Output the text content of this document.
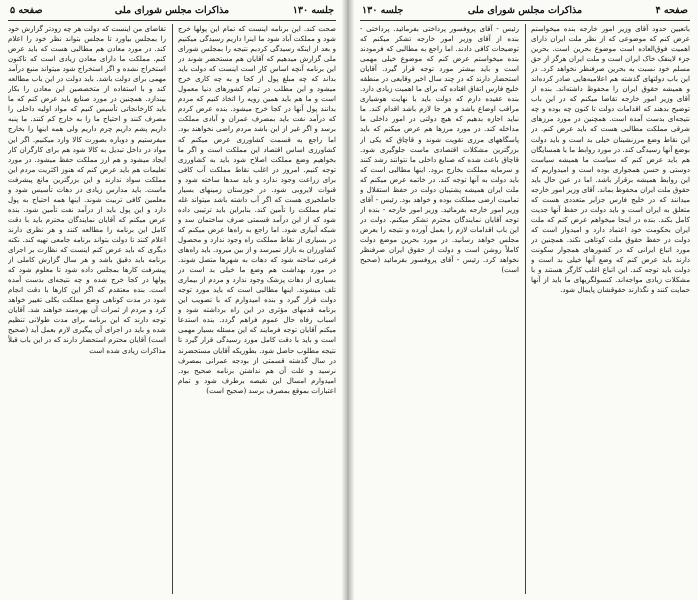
جلسه ۱۳۰
مذاکرات مجلس شورای ملی
صفحه ۵

صحت کند. این برنامه اینست که تمام این پولها خرج شود و مملکت آباد شود ما اینرا داریم رسیدگی میکنیم و بعد از اینکه رسیدگی کردیم نتیجه را بمجلس شورای ملی گزارش میدهیم که آقایان هم مستحضر شوند در این برنامه آنچه اساس کار است اینست که دولت باید بداند که چه مبلغ پول از کجا و به چه کاری خرج میشود و این مطلب در تمام کشورهای دنیا معمول است و ما هم باید همین رویه را اتخاذ کنیم که مردم بدانند پول آنها در کجا خرج میشود. بنده عرض کردم که درآمد نفت باید بمصرف عمران و آبادی مملکت برسد و اگر غیر از این باشد مردم راضی نخواهند بود. اما راجع به قسمت کشاورزی عرض میکنم که کشاورزی اساس اقتصاد این مملکت است و اگر ما بخواهیم وضع مملکت اصلاح شود باید به کشاورزی توجه کنیم. امروز در اغلب نقاط مملکت آب کافی برای زراعت وجود ندارد و باید سدها ساخته شود و قنوات لایروبی شود. در خوزستان زمینهای بسیار حاصلخیزی هست که اگر آب داشته باشد میتواند غله تمام مملکت را تأمین کند. بنابراین باید ترتیبی داده شود که از این درآمد قسمتی صرف ساختمان سد و شبکه آبیاری شود. اما راجع به راه‌ها عرض میکنم که در بسیاری از نقاط مملکت راه وجود ندارد و محصول کشاورزان به بازار نمیرسد و از بین میرود. باید راه‌های فرعی ساخته شود که دهات به شهرها متصل شوند. در مورد بهداشت هم وضع ما خیلی بد است در بسیاری از دهات پزشک وجود ندارد و مردم از بیماری تلف میشوند. اینها مطالبی است که باید مورد توجه دولت قرار گیرد و بنده امیدوارم که با تصویب این برنامه قدمهای مؤثری در این راه برداشته شود و اسباب رفاه حال عموم فراهم گردد. بنده استدعا میکنم آقایان توجه فرمایند که این مسئله بسیار مهمی است و باید با دقت کامل مورد رسیدگی قرار گیرد تا نتیجه مطلوب حاصل شود. بطوریکه آقایان مستحضرند در سال گذشته قسمتی از بودجه عمرانی بمصرف نرسید و علت آن هم نداشتن برنامه صحیح بود. امیدوارم امسال این نقیصه برطرف شود و تمام اعتبارات بموقع بمصرف برسد (صحیح است)

تقاضای من اینست که دولت هر چه زودتر گزارش خود را بمجلس بیاورد تا مجلس بتواند نظر خود را اعلام کند. در مورد معادن هم مطالبی هست که باید عرض کنم. مملکت ما دارای معادن زیادی است که تاکنون استخراج نشده و اگر استخراج شود میتواند منبع درآمد مهمی برای دولت باشد. باید دولت در این باب مطالعه کند و با استفاده از متخصصین این معادن را بکار بیندازد. همچنین در مورد صنایع باید عرض کنم که ما باید کارخانجاتی تأسیس کنیم که مواد اولیه داخلی را مصرف کنند و احتیاج ما را به خارج کم کنند. ما پنبه داریم پشم داریم چرم داریم ولی همه اینها را بخارج میفرستیم و دوباره بصورت کالا وارد میکنیم. اگر این مواد در داخل تبدیل به کالا شود هم برای کارگران کار ایجاد میشود و هم ارز مملکت حفظ میشود. در مورد تعلیمات هم باید عرض کنم که هنوز اکثریت مردم این مملکت سواد ندارند و این بزرگترین مانع پیشرفت ماست. باید مدارس زیادی در دهات تأسیس شود و معلمین کافی تربیت شوند. اینها همه احتیاج به پول دارد و این پول باید از درآمد نفت تأمین شود. بنده عرض میکنم که آقایان نمایندگان محترم باید با دقت کامل این برنامه را مطالعه کنند و هر نظری دارند اعلام کنند تا دولت بتواند برنامه جامعی تهیه کند. نکته دیگری که باید عرض کنم اینست که نظارت بر اجرای برنامه باید دقیق باشد و هر سال گزارش کاملی از پیشرفت کارها بمجلس داده شود تا معلوم شود که پولها در کجا خرج شده و چه نتیجه‌ای بدست آمده است. بنده معتقدم که اگر این کارها با دقت انجام شود در مدت کوتاهی وضع مملکت بکلی تغییر خواهد کرد و مردم از ثمرات آن بهره‌مند خواهند شد. آقایان توجه دارند که این برنامه برای مدت طولانی تنظیم شده و باید در اجرای آن پیگیری لازم بعمل آید (صحیح است) آقایان محترم استحضار دارند که در این باب قبلاً مذاکرات زیادی شده است

صفحه ۴
مذاکرات مجلس شورای ملی
جلسه ۱۳۰

باتعیین حدود آقای وزیر امور خارجه بنده میخواستم عرض کنم که موضوعی که از نظر ملت ایران دارای اهمیت فوق‌العاده است موضوع بحرین است. بحرین جزء لاینفک خاک ایران است و ملت ایران هرگز از حق مسلم خود نسبت به بحرین صرفنظر نخواهد کرد. در این باب دولتهای گذشته هم اعلامیه‌هایی صادر کرده‌اند و همیشه حقوق ایران را محفوظ داشته‌اند. بنده از آقای وزیر امور خارجه تقاضا میکنم که در این باب توضیح بدهند که اقدامات دولت تا کنون چه بوده و چه نتیجه‌ای بدست آمده است. همچنین در مورد مرزهای شرقی مملکت مطالبی هست که باید عرض کنم. در این نقاط وضع مرزنشینان خیلی بد است و باید دولت بوضع آنها رسیدگی کند. در مورد روابط ما با همسایگان هم باید عرض کنم که سیاست ما همیشه سیاست دوستی و حسن همجواری بوده است و امیدواریم که این روابط همیشه برقرار باشد. اما در عین حال باید حقوق ملت ایران محفوظ بماند. آقای وزیر امور خارجه میدانند که در خلیج فارس جزایر متعددی هست که متعلق به ایران است و باید دولت در حفظ آنها جدیت کامل بکند. بنده در اینجا میخواهم عرض کنم که ملت ایران بحکومت خود اعتماد دارد و امیدوار است که دولت در حفظ حقوق ملت کوتاهی نکند. همچنین در مورد اتباع ایرانی که در کشورهای همجوار سکونت دارند باید عرض کنم که وضع آنها خیلی بد است و دولت باید توجه کند. این اتباع اغلب کارگر هستند و با مشکلات زیادی مواجه‌اند. کنسولگریهای ما باید از آنها حمایت کنند و نگذارند حقوقشان پایمال شود.

رئیس - آقای پروفسور پرداختی بفرمائید. پرداختی - بنده از آقای وزیر امور خارجه تشکر میکنم که توضیحات کافی دادند. اما راجع به مطالبی که فرمودند بنده میخواستم عرض کنم که موضوع خیلی مهمی است و باید بیشتر مورد توجه قرار گیرد. آقایان استحضار دارند که در چند سال اخیر وقایعی در منطقه خلیج فارس اتفاق افتاده که برای ما اهمیت زیادی دارد. بنده عقیده دارم که دولت باید با نهایت هوشیاری مراقب اوضاع باشد و هر جا لازم باشد اقدام کند. ما نباید اجازه بدهیم که هیچ دولتی در امور داخلی ما مداخله کند. در مورد مرزها هم عرض میکنم که باید پاسگاههای مرزی تقویت شوند و قاچاق که یکی از بزرگترین مشکلات اقتصادی ماست جلوگیری شود. قاچاق باعث شده که صنایع داخلی ما نتوانند رشد کنند و سرمایه مملکت بخارج برود. اینها مطالبی است که باید دولت به آنها توجه کند. در خاتمه عرض میکنم که ملت ایران همیشه پشتیبان دولت در حفظ استقلال و تمامیت ارضی مملکت بوده و خواهد بود. رئیس - آقای وزیر امور خارجه بفرمائید. وزیر امور خارجه - بنده از توجه آقایان نمایندگان محترم تشکر میکنم. دولت در این باب اقدامات لازم را بعمل آورده و نتیجه را بعرض مجلس خواهد رسانید. در مورد بحرین موضع دولت کاملاً روشن است و دولت از حقوق ایران صرفنظر نخواهد کرد. رئیس - آقای پروفسور بفرمائید (صحیح است)
